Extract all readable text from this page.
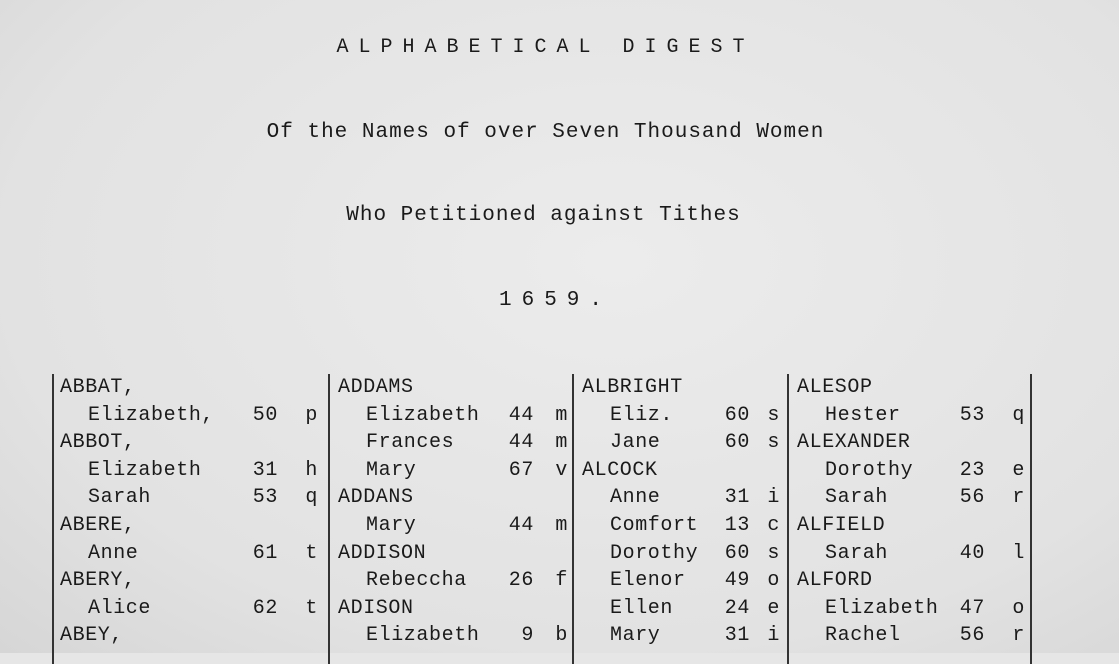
ALPHABETICAL DIGEST
Of the Names of over Seven Thousand Women
Who Petitioned against Tithes
1659.
ABBAT,
Elizabeth, 50 p
ABBOT,
Elizabeth	31 h
Sarah	53 q
ABERE,
Anne	61 t
ABERY,
Alice	62 t
ABEY,
ADDAMS
Elizabeth 44 m
Frances	44 m
Mary	67 v
ADDANS
Mary	44 m
ADDISON
Rebeccha 26 f
ADISON
Elizabeth 9 b
ALBRIGHT
Eliz.	60 s
Jane	60 s
ALCOCK
Anne	31 i
Comfort 13 c
Dorothy 60 s
Elenor 49 o
Ellen	24 e
Mary	31 i
ALESOP
Hester	53 q
ALEXANDER
Dorothy 23 e
Sarah	56 r
ALFIELD
Sarah	40 l
ALFORD
Elizabeth 47 o
Rachel	56 r
